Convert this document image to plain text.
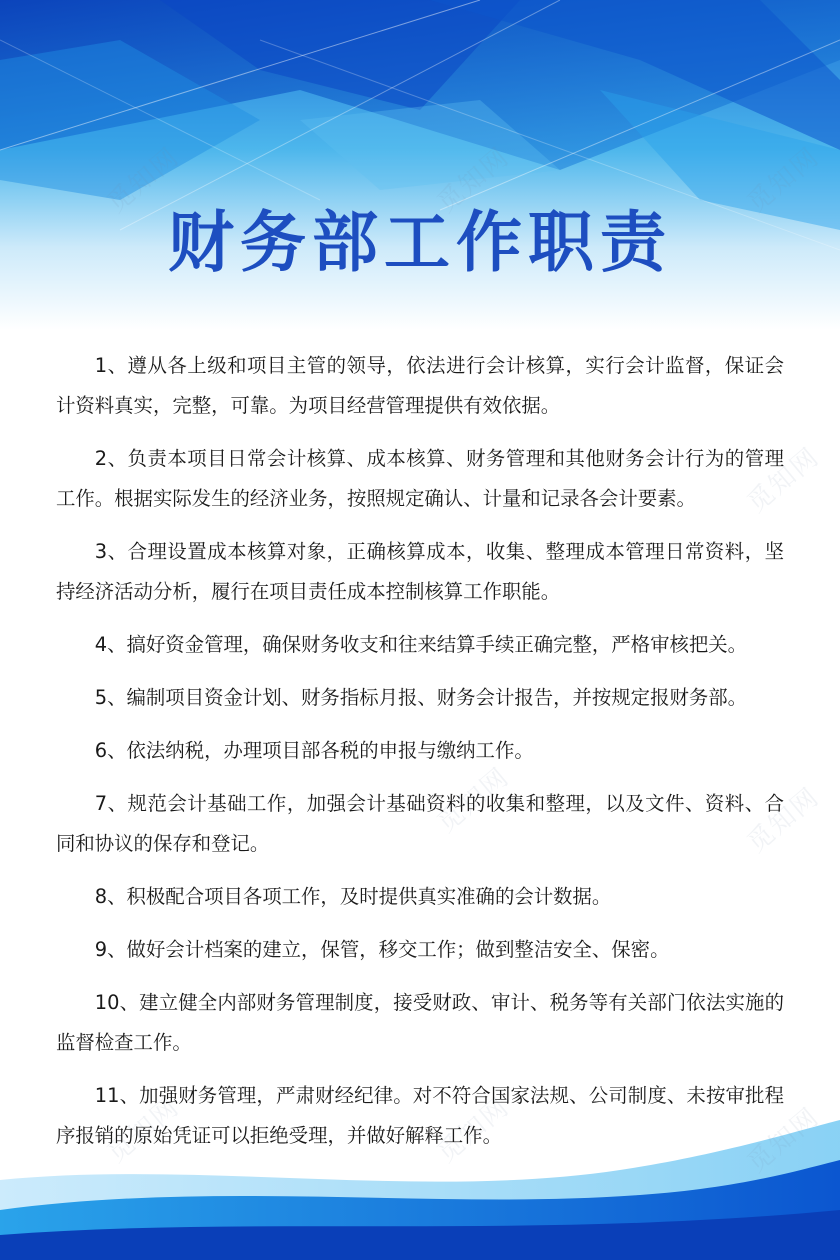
觅知网
觅知网	觅知网
觅知网	觅知网
财务部工作职责

1、遵从各上级和项目主管的领导，依法进行会计核算，实行会计监督，保证会计资料真实，完整，可靠。为项目经营管理提供有效依据。

2、负责本项目日常会计核算、成本核算、财务管理和其他财务会计行为的管理工作。根据实际发生的经济业务，按照规定确认、计量和记录各会计要素。

3、合理设置成本核算对象，正确核算成本，收集、整理成本管理日常资料，坚持经济活动分析，履行在项目责任成本控制核算工作职能。

4、搞好资金管理，确保财务收支和往来结算手续正确完整，严格审核把关。

5、编制项目资金计划、财务指标月报、财务会计报告，并按规定报财务部。

6、依法纳税，办理项目部各税的申报与缴纳工作。

7、规范会计基础工作，加强会计基础资料的收集和整理，以及文件、资料、合同和协议的保存和登记。

8、积极配合项目各项工作，及时提供真实准确的会计数据。

9、做好会计档案的建立，保管，移交工作；做到整洁安全、保密。

10、建立健全内部财务管理制度，接受财政、审计、税务等有关部门依法实施的监督检查工作。

11、加强财务管理，严肃财经纪律。对不符合国家法规、公司制度、未按审批程序报销的原始凭证可以拒绝受理，并做好解释工作。
